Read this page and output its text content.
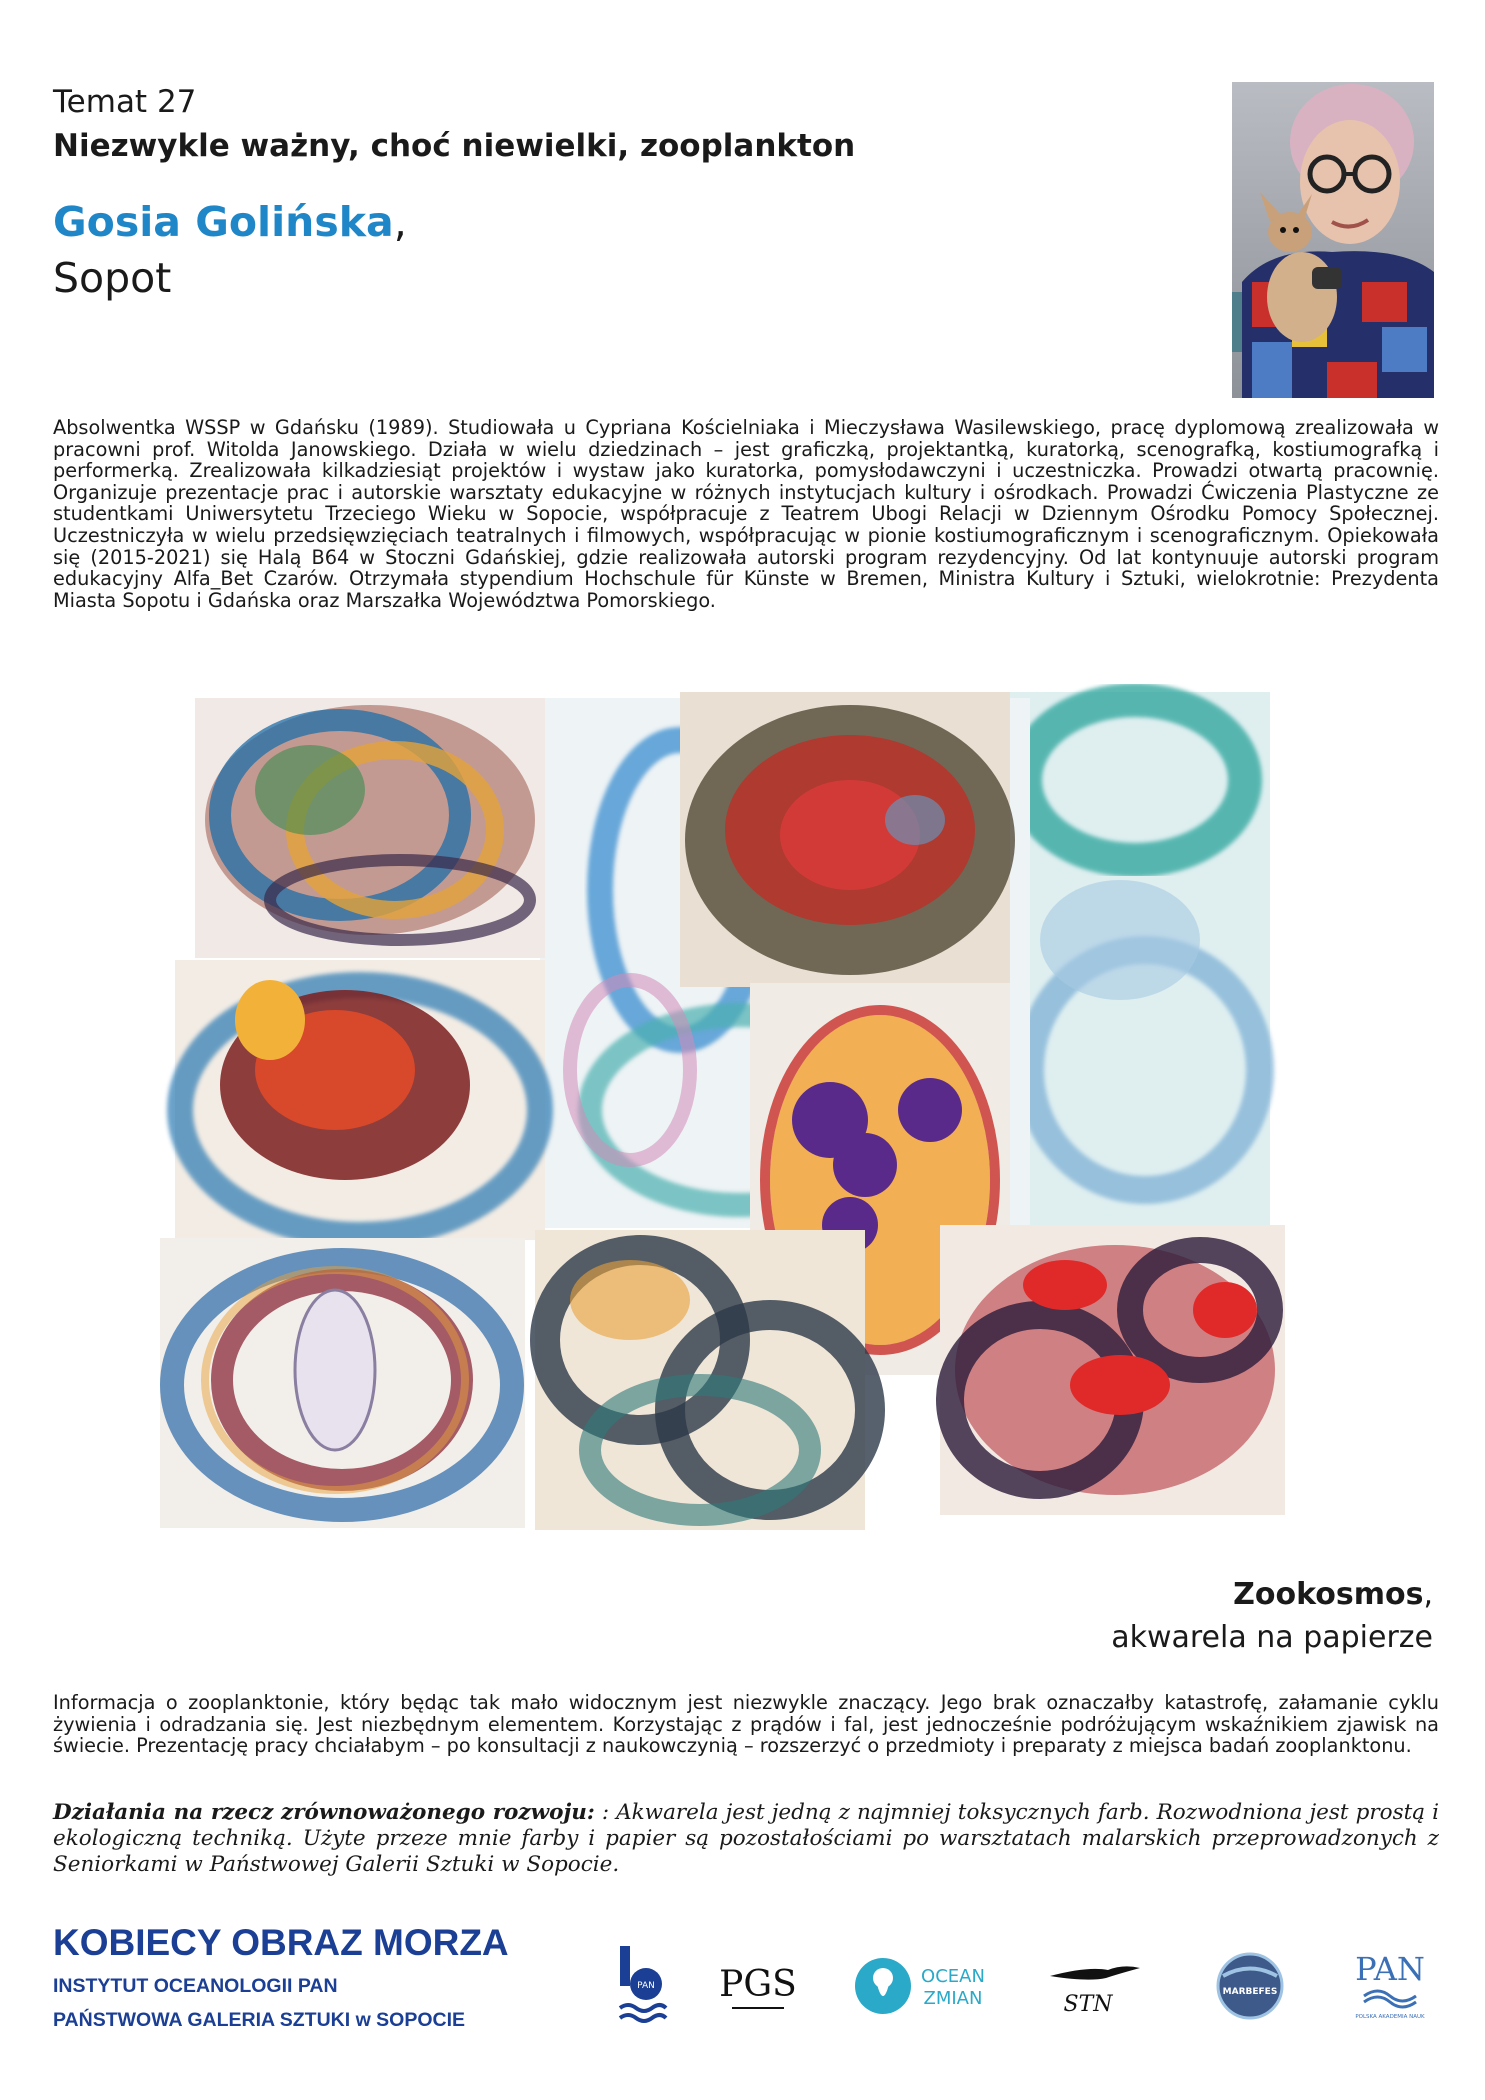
Temat 27
Niezwykle ważny, choć niewielki, zooplankton
Gosia Golińska,
Sopot
Absolwentka WSSP w Gdańsku (1989). Studiowała u Cypriana Kościelniaka i Mieczysława Wasilewskiego, pracę dyplomową zrealizowała w pracowni prof. Witolda Janowskiego. Działa w wielu dziedzinach – jest graficzką, projektantką, kuratorką, scenografką, kostiumografką i performerką. Zrealizowała kilkadziesiąt projektów i wystaw jako kuratorka, pomysłodawczyni i uczestniczka. Prowadzi otwartą pracownię. Organizuje prezentacje prac i autorskie warsztaty edukacyjne w różnych instytucjach kultury i ośrodkach. Prowadzi Ćwiczenia Plastyczne ze studentkami Uniwersytetu Trzeciego Wieku w Sopocie, współpracuje z Teatrem Ubogi Relacji w Dziennym Ośrodku Pomocy Społecznej. Uczestniczyła w wielu przedsięwzięciach teatralnych i filmowych, współpracując w pionie kostiumograficznym i scenograficznym. Opiekowała się (2015-2021) się Halą B64 w Stoczni Gdańskiej, gdzie realizowała autorski program rezydencyjny. Od lat kontynuuje autorski program edukacyjny Alfa_Bet Czarów. Otrzymała stypendium Hochschule für Künste w Bremen, Ministra Kultury i Sztuki, wielokrotnie: Prezydenta Miasta Sopotu i Gdańska oraz Marszałka Województwa Pomorskiego.
Zookosmos,
akwarela na papierze
Informacja o zooplanktonie, który będąc tak mało widocznym jest niezwykle znaczący. Jego brak oznaczałby katastrofę, załamanie cyklu żywienia i odradzania się. Jest niezbędnym elementem. Korzystając z prądów i fal, jest jednocześnie podróżującym wskaźnikiem zjawisk na świecie. Prezentację pracy chciałabym – po konsultacji z naukowczynią – rozszerzyć o przedmioty i preparaty z miejsca badań zooplanktonu.
Działania na rzecz zrównoważonego rozwoju: : Akwarela jest jedną z najmniej toksycznych farb. Rozwodniona jest prostą i ekologiczną techniką. Użyte przeze mnie farby i papier są pozostałościami po warsztatach malarskich przeprowadzonych z Seniorkami w Państwowej Galerii Sztuki w Sopocie.
KOBIECY OBRAZ MORZA
INSTYTUT OCEANOLOGII PAN
PAŃSTWOWA GALERIA SZTUKI w SOPOCIE
PAN PGS	OCEAN
ZMIAN	STN	MARBEFES
PAN
POLSKA AKADEMIA NAUK
